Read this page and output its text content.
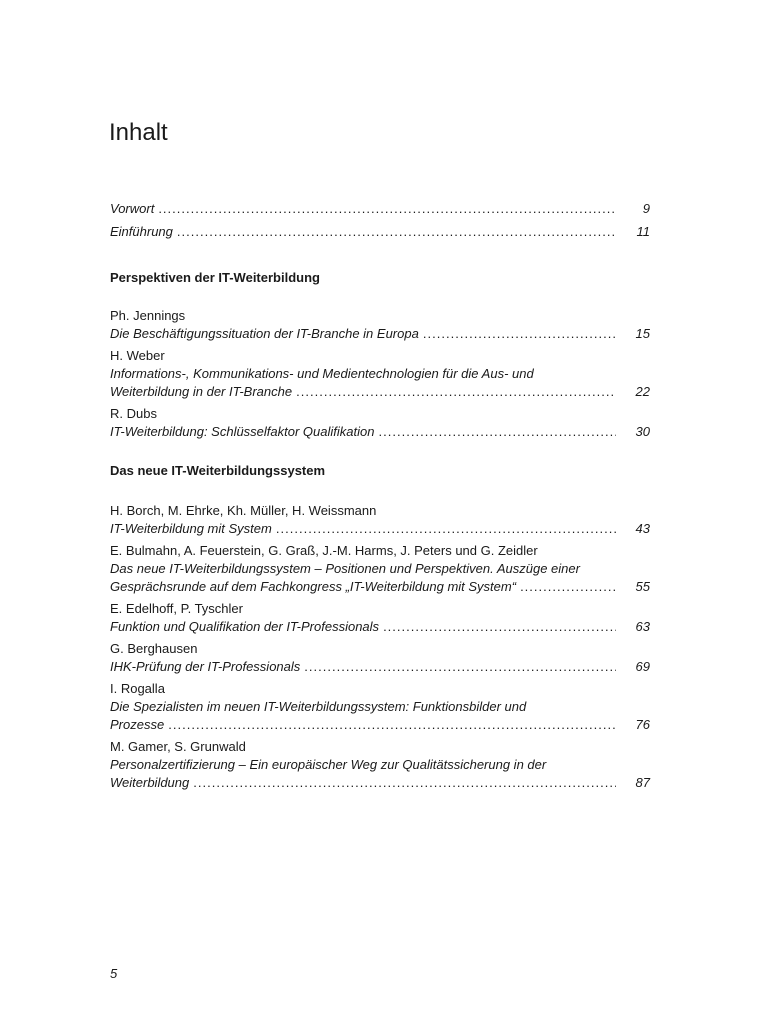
Inhalt
Vorwort . . .	9
Einführung . . .	11
Perspektiven der IT-Weiterbildung
Ph. Jennings
Die Beschäftigungssituation der IT-Branche in Europa . . .	15
H. Weber
Informations-, Kommunikations- und Medientechnologien für die Aus- und
Weiterbildung in der IT-Branche . . .	22
R. Dubs
IT-Weiterbildung: Schlüsselfaktor Qualifikation . . .	30
Das neue IT-Weiterbildungssystem
H. Borch, M. Ehrke, Kh. Müller, H. Weissmann
IT-Weiterbildung mit System . . .	43
E. Bulmahn, A. Feuerstein, G. Graß, J.-M. Harms, J. Peters und G. Zeidler
Das neue IT-Weiterbildungssystem – Positionen und Perspektiven. Auszüge einer
Gesprächsrunde auf dem Fachkongress „IT-Weiterbildung mit System“ . . .	55
E. Edelhoff, P. Tyschler
Funktion und Qualifikation der IT-Professionals . . .	63
G. Berghausen
IHK-Prüfung der IT-Professionals . . .	69
I. Rogalla
Die Spezialisten im neuen IT-Weiterbildungssystem: Funktionsbilder und
Prozesse . . .	76
M. Gamer, S. Grunwald
Personalzertifizierung – Ein europäischer Weg zur Qualitätssicherung in der
Weiterbildung . . .	87
5
